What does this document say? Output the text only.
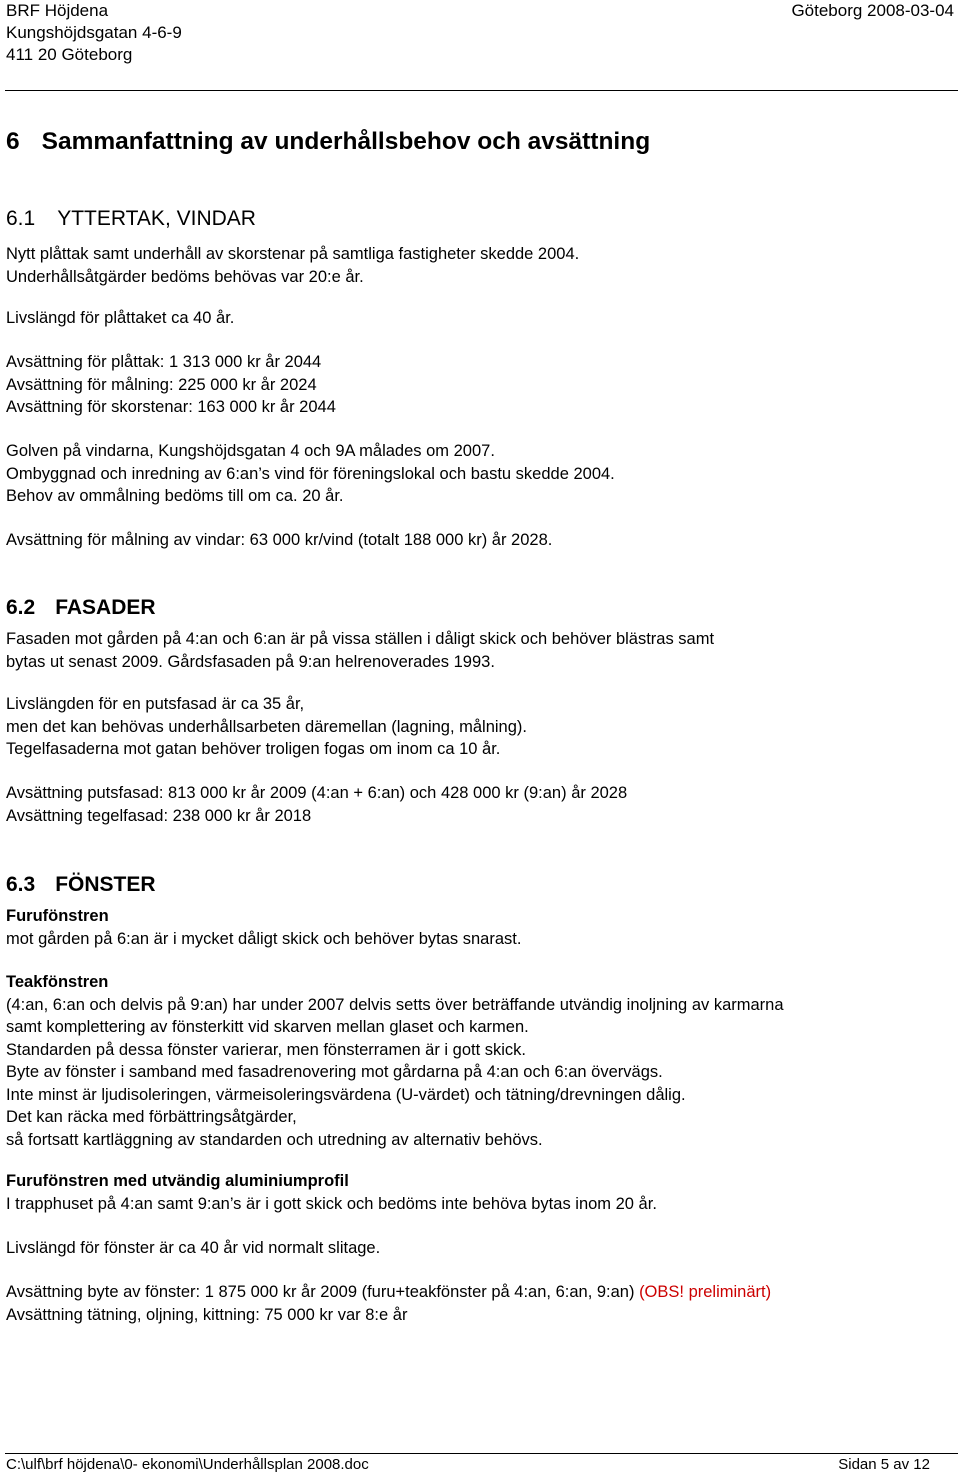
BRF Höjdena
Kungshöjdsgatan 4-6-9
411 20 Göteborg
Göteborg 2008-03-04
6 Sammanfattning av underhållsbehov och avsättning
6.1 YTTERTAK, VINDAR
Nytt plåttak samt underhåll av skorstenar på samtliga fastigheter skedde 2004.
Underhållsåtgärder bedöms behövas var 20:e år.
Livslängd för plåttaket ca 40 år.
Avsättning för plåttak: 1 313 000 kr år 2044
Avsättning för målning: 225 000 kr år 2024
Avsättning för skorstenar: 163 000 kr år 2044
Golven på vindarna, Kungshöjdsgatan 4 och 9A målades om 2007.
Ombyggnad och inredning av 6:an’s vind för föreningslokal och bastu skedde 2004.
Behov av ommålning bedöms till om ca. 20 år.
Avsättning för målning av vindar: 63 000 kr/vind (totalt 188 000 kr) år 2028.
6.2 FASADER
Fasaden mot gården på 4:an och 6:an är på vissa ställen i dåligt skick och behöver blästras samt
bytas ut senast 2009. Gårdsfasaden på 9:an helrenoverades 1993.
Livslängden för en putsfasad är ca 35 år,
men det kan behövas underhållsarbeten däremellan (lagning, målning).
Tegelfasaderna mot gatan behöver troligen fogas om inom ca 10 år.
Avsättning putsfasad: 813 000 kr år 2009 (4:an + 6:an) och 428 000 kr (9:an) år 2028
Avsättning tegelfasad: 238 000 kr år 2018
6.3 FÖNSTER
Furufönstren
mot gården på 6:an är i mycket dåligt skick och behöver bytas snarast.
Teakfönstren
(4:an, 6:an och delvis på 9:an) har under 2007 delvis setts över beträffande utvändig inoljning av karmarna
samt komplettering av fönsterkitt vid skarven mellan glaset och karmen.
Standarden på dessa fönster varierar, men fönsterramen är i gott skick.
Byte av fönster i samband med fasadrenovering mot gårdarna på 4:an och 6:an övervägs.
Inte minst är ljudisoleringen, värmeisoleringsvärdena (U-värdet) och tätning/drevningen dålig.
Det kan räcka med förbättringsåtgärder,
så fortsatt kartläggning av standarden och utredning av alternativ behövs.
Furufönstren med utvändig aluminiumprofil
I trapphuset på 4:an samt 9:an’s är i gott skick och bedöms inte behöva bytas inom 20 år.
Livslängd för fönster är ca 40 år vid normalt slitage.
Avsättning byte av fönster: 1 875 000 kr år 2009 (furu+teakfönster på 4:an, 6:an, 9:an) (OBS! preliminärt)
Avsättning tätning, oljning, kittning: 75 000 kr var 8:e år
C:\ulf\brf höjdena\0- ekonomi\Underhållsplan 2008.doc	Sidan 5 av 12
